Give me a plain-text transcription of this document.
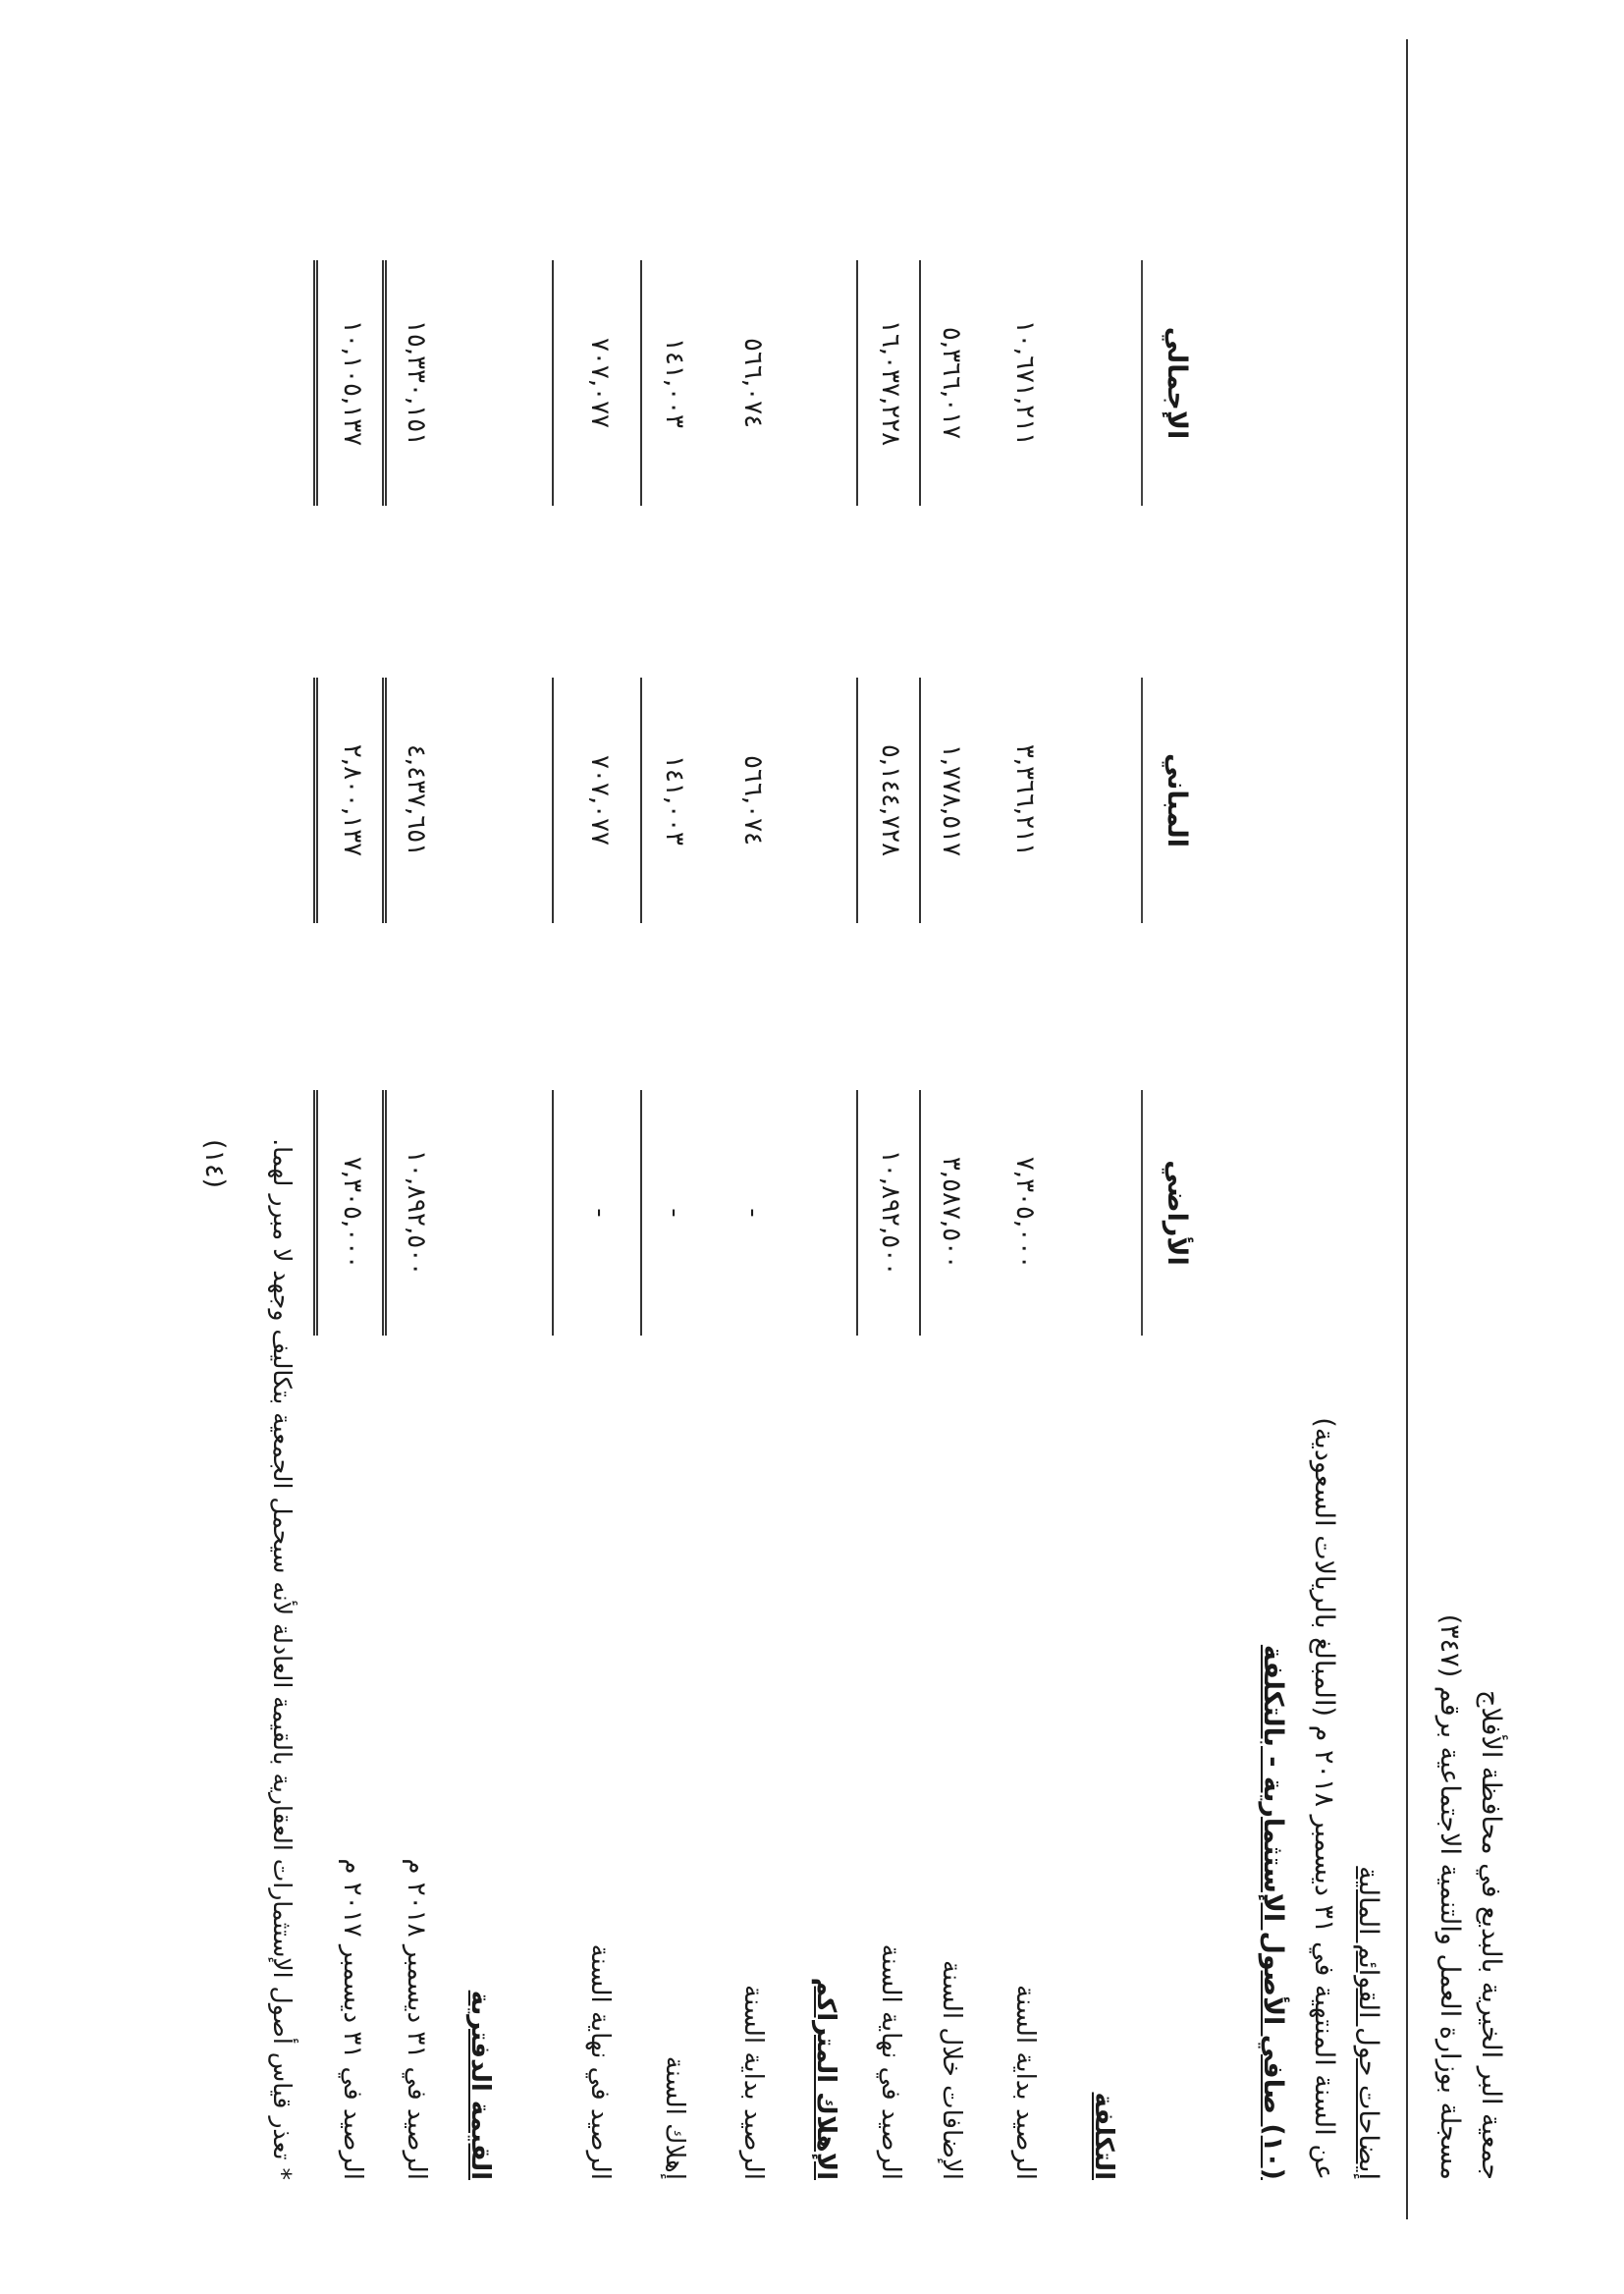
جمعية البر الخيرية بالبديع في محافظة الأفلاج
مسجلة بوزارة العمل والتنمية الاجتماعية برقم (٣٤٧)
إيضاحات حول القوائم المالية
عن السنة المنتهية في ٣١ ديسمبر ٢٠١٨ م (المبالغ بالريالات السعودية)
(١٠) صافي الأصول الإستثمارية - بالتكلفة
الأراضي
المباني
الإجمالي
التكلفة
الرصيد بداية السنة
٧,٣٠٥,٠٠٠
٣,٣٦٦,٢١١
١٠,٦٧١,٢١١
الإضافات خلال السنة
٣,٥٨٧,٥٠٠
١,٧٧٨,٥١٧
٥,٣٦٦,٠١٧
الرصيد في نهاية السنة
١٠,٨٩٢,٥٠٠
٥,١٤٤,٧٢٨
١٦,٠٣٧,٢٢٨
الإهلاك المتراكم
الرصيد بداية السنة
-
٥٦٦,٠٧٤
٥٦٦,٠٧٤
إهلاك السنة
-
١٤١,٠٠٣
١٤١,٠٠٣
الرصيد في نهاية السنة
-
٧٠٧,٠٧٧
٧٠٧,٠٧٧
القيمة الدفترية
الرصيد في ٣١ ديسمبر ٢٠١٨ م
١٠,٨٩٢,٥٠٠
٤,٤٣٧,٦٥١
١٥,٣٣٠,١٥١
الرصيد في ٣١ ديسمبر ٢٠١٧ م
٧,٣٠٥,٠٠٠
٢,٨٠٠,١٣٧
١٠,١٠٥,١٣٧
* تعذر قياس أصول الإستثمارات العقارية بالقيمة العادلة لأنه سيحمل الجمعية بتكاليف وجهد لا مبرر لهما.
(١٤)
